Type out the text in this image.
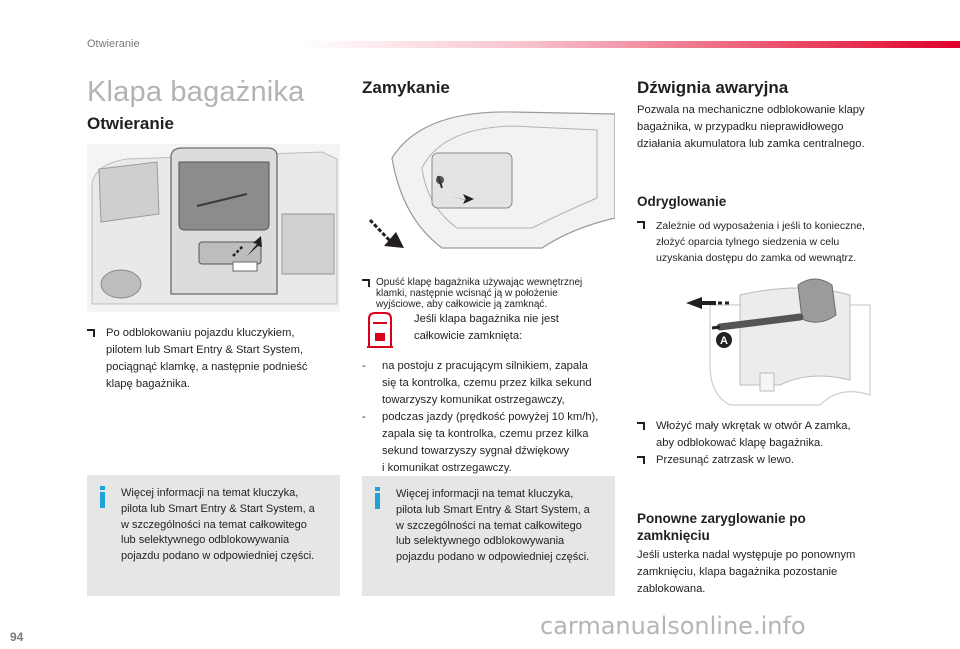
Otwieranie
Klapa bagażnika
Otwieranie
Po odblokowaniu pojazdu kluczykiem,
pilotem lub Smart Entry & Start System,
pociągnąć klamkę, a następnie podnieść
klapę bagażnika.
Więcej informacji na temat kluczyka,
pilota lub Smart Entry & Start System, a
w szczególności na temat całkowitego
lub selektywnego odblokowywania
pojazdu podano w odpowiedniej części.
Zamykanie
Opuść klapę bagażnika używając wewnętrznej
klamki, następnie wcisnąć ją w położenie
wyjściowe, aby całkowicie ją zamknąć.
Jeśli klapa bagażnika nie jest
całkowicie zamknięta:
- na postoju z pracującym silnikiem, zapala
się ta kontrolka, czemu przez kilka sekund
towarzyszy komunikat ostrzegawczy,
- podczas jazdy (prędkość powyżej 10 km/h),
zapala się ta kontrolka, czemu przez kilka
sekund towarzyszy sygnał dźwiękowy
i komunikat ostrzegawczy.
Więcej informacji na temat kluczyka,
pilota lub Smart Entry & Start System, a
w szczególności na temat całkowitego
lub selektywnego odblokowywania
pojazdu podano w odpowiedniej części.
Dźwignia awaryjna
Pozwala na mechaniczne odblokowanie klapy
bagażnika, w przypadku nieprawidłowego
działania akumulatora lub zamka centralnego.
Odryglowanie
Zależnie od wyposażenia i jeśli to konieczne,
złożyć oparcia tylnego siedzenia w celu
uzyskania dostępu do zamka od wewnątrz.
A
Włożyć mały wkrętak w otwór A zamka,
aby odblokować klapę bagażnika.
Przesunąć zatrzask w lewo.
Ponowne zaryglowanie po
zamknięciu
Jeśli usterka nadal występuje po ponownym
zamknięciu, klapa bagażnika pozostanie
zablokowana.
94	carmanualsonline.info
